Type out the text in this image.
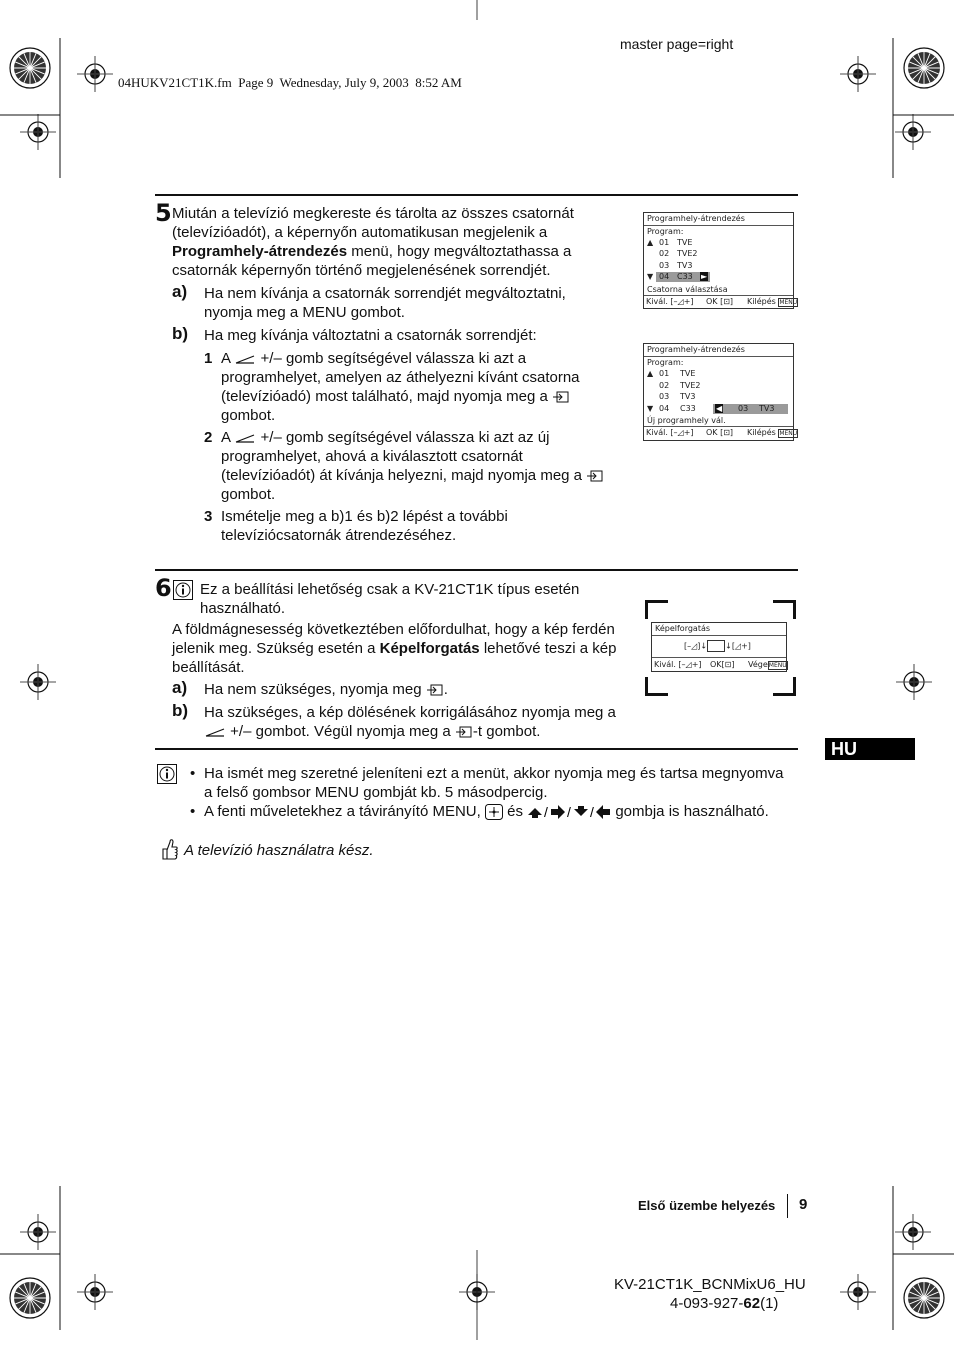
master page=right
04HUKV21CT1K.fm  Page 9  Wednesday, July 9, 2003  8:52 AM
5 Miután a televízió megkereste és tárolta az összes csatornát
(televízióadót), a képernyőn automatikusan megjelenik a
Programhely-átrendezés menü, hogy megváltoztathassa a
csatornák képernyőn történő megjelenésének sorrendjét.
a) Ha nem kívánja a csatornák sorrendjét megváltoztatni,
nyomja meg a MENU gombot.
b) Ha meg kívánja változtatni a csatornák sorrendjét:
1 A  +/– gomb segítségével válassza ki azt a
programhelyet, amelyen az áthelyezni kívánt csatorna
(televízióadó) most található, majd nyomja meg a
gombot.
2 A  +/– gomb segítségével válassza ki azt az új
programhelyet, ahová a kiválasztott csatornát
(televízióadót) át kívánja helyezni, majd nyomja meg a
gombot.
3 Ismételje meg a b)1 és b)2 lépést a további
televíziócsatornák átrendezéséhez.
Programhely-átrendezés
Program:
▲ 01 TVE
02 TVE2
03 TV3
▼ 04 C33 ►
Csatorna választása
Kivál. [–◿+] OK [⊡] Kilépés MENU
Programhely-átrendezés
Program:
▲ 01 TVE
02 TVE2
03 TV3
▼ 04 C33	◀ 03 TV3
Új programhely vál.
Kivál. [–◿+] OK [⊡] Kilépés MENU
6 Ez a beállítási lehetőség csak a KV-21CT1K típus esetén
használható.
A földmágnesesség következtében előfordulhat, hogy a kép ferdén
jelenik meg. Szükség esetén a Képelforgatás lehetővé teszi a kép
beállítását.
a) Ha nem szükséges, nyomja meg .
b) Ha szükséges, a kép dölésének korrigálásához nyomja meg a
+/– gombot. Végül nyomja meg a -t gombot.
Képelforgatás
[–◿]↓ ↓[◿+]
Kivál. [–◿+] OK[⊡] VégeMENU
HU
• Ha ismét meg szeretné jeleníteni ezt a menüt, akkor nyomja meg és tartsa megnyomva
a felső gombsor MENU gombját kb. 5 másodpercig.
• A fenti műveletekhez a távirányító MENU,  és / / / gombja is használható.
A televízió használatra kész.
Első üzembe helyezés 9
KV-21CT1K_BCNMixU6_HU
4-093-927-62(1)
